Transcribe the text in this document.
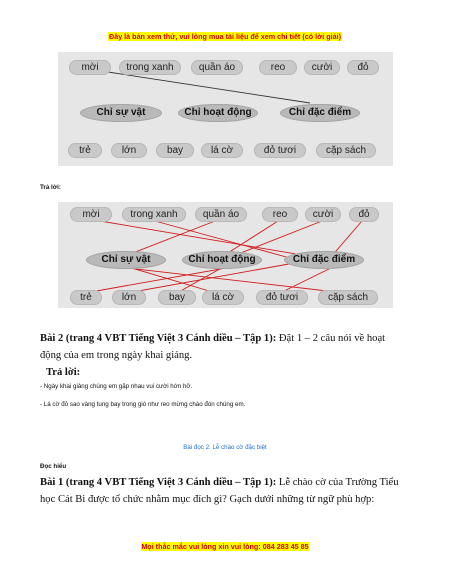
Đây là bản xem thử, vui lòng mua tài liệu để xem chi tiết (có lời giải)
mời	trong xanh	quần áo	reo	cười	đỏ
Chỉ sự vật	Chỉ hoạt động	Chỉ đặc điểm
trẻ	lớn	bay	lá cờ	đỏ tươi	cặp sách
Trả lời:
mời	trong xanh	quần áo	reo	cười	đỏ
Chỉ sự vật	Chỉ hoạt động	Chỉ đặc điểm
trẻ	lớn	bay	lá cờ	đỏ tươi	cặp sách
Bài 2 (trang 4 VBT Tiếng Việt 3 Cánh diều – Tập 1): Đặt 1 – 2 câu nói về hoạt
động của em trong ngày khai giảng.
Trả lời:
- Ngày khai giảng chúng em gặp nhau vui cười hớn hở.
- Lá cờ đỏ sao vàng tung bay trong gió như reo mừng chào đón chúng em.
Bài đọc 2: Lễ chào cờ đặc biệt
Đọc hiểu
Bài 1 (trang 4 VBT Tiếng Việt 3 Cánh diều – Tập 1): Lễ chào cờ của Trường Tiểu
học Cát Bi được tổ chức nhằm mục đích gì? Gạch dưới những từ ngữ phù hợp:
Mọi thắc mắc vui lòng xin vui lòng: 084 283 45 85
